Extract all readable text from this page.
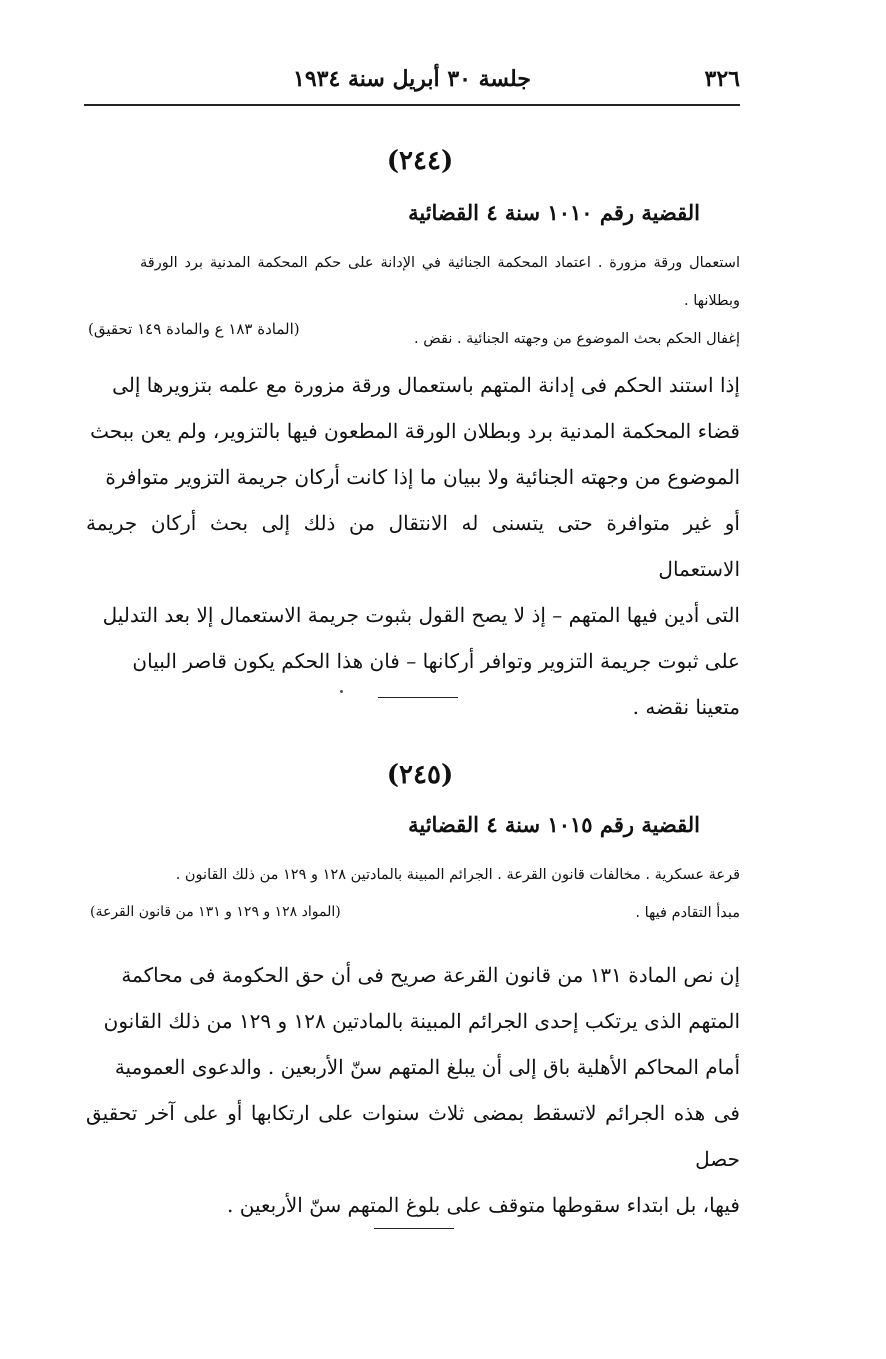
٣٢٦
جلسة ٣٠ أبريل سنة ١٩٣٤
(٢٤٤)
القضية رقم ١٠١٠ سنة ٤ القضائية

استعمال ورقة مزورة . اعتماد المحكمة الجنائية في الإدانة على حكم المحكمة المدنية برد الورقة وبطلانها .

إغفال الحكم بحث الموضوع من وجهته الجنائية . نقض .

(المادة ١٨٣ ع والمادة ١٤٩ تحقيق)

إذا استند الحكم فى إدانة المتهم باستعمال ورقة مزورة مع علمه بتزويرها إلى

قضاء المحكمة المدنية برد وبطلان الورقة المطعون فيها بالتزوير، ولم يعن ببحث

الموضوع من وجهته الجنائية ولا ببيان ما إذا كانت أركان جريمة التزوير متوافرة

أو غير متوافرة حتى يتسنى له الانتقال من ذلك إلى بحث أركان جريمة الاستعمال

التى أدين فيها المتهم – إذ لا يصح القول بثبوت جريمة الاستعمال إلا بعد التدليل

على ثبوت جريمة التزوير وتوافر أركانها – فان هذا الحكم يكون قاصر البيان

متعينا نقضه .

(٢٤٥)
القضية رقم ١٠١٥ سنة ٤ القضائية

قرعة عسكرية . مخالفات قانون القرعة . الجرائم المبينة بالمادتين ١٢٨ و ١٢٩ من ذلك القانون .

مبدأ التقادم فيها .

(المواد ١٢٨ و ١٢٩ و ١٣١ من قانون القرعة)

إن نص المادة ١٣١ من قانون القرعة صريح فى أن حق الحكومة فى محاكمة

المتهم الذى يرتكب إحدى الجرائم المبينة بالمادتين ١٢٨ و ١٢٩ من ذلك القانون

أمام المحاكم الأهلية باق إلى أن يبلغ المتهم سنّ الأربعين . والدعوى العمومية

فى هذه الجرائم لاتسقط بمضى ثلاث سنوات على ارتكابها أو على آخر تحقيق حصل

فيها، بل ابتداء سقوطها متوقف على بلوغ المتهم سنّ الأربعين .
